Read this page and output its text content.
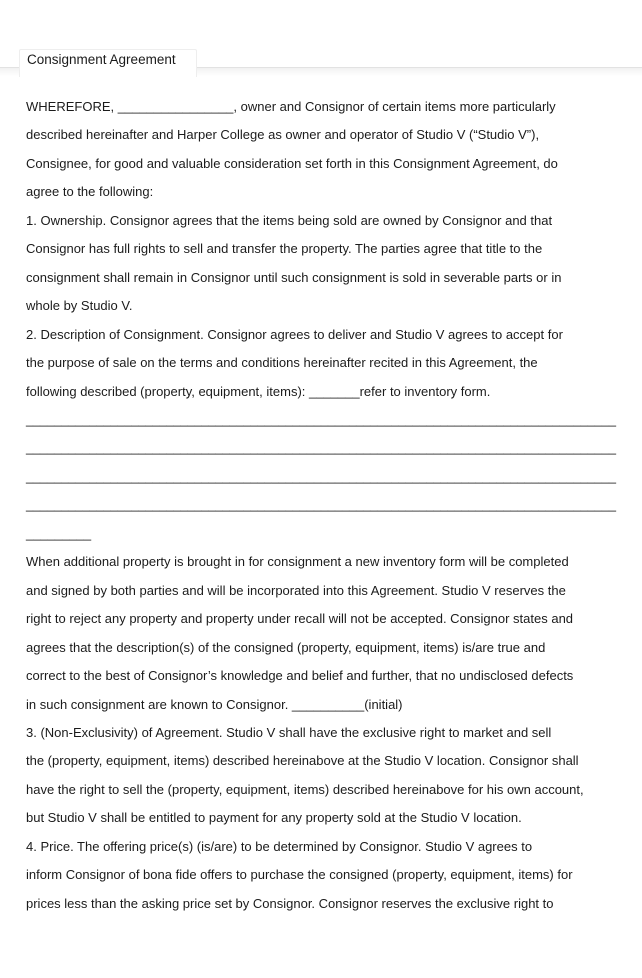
Consignment Agreement
WHEREFORE, ________________, owner and Consignor of certain items more particularly
described hereinafter and Harper College as owner and operator of Studio V (“Studio V”),
Consignee, for good and valuable consideration set forth in this Consignment Agreement, do
agree to the following:
1. Ownership. Consignor agrees that the items being sold are owned by Consignor and that
Consignor has full rights to sell and transfer the property. The parties agree that title to the
consignment shall remain in Consignor until such consignment is sold in severable parts or in
whole by Studio V.
2. Description of Consignment. Consignor agrees to deliver and Studio V agrees to accept for
the purpose of sale on the terms and conditions hereinafter recited in this Agreement, the
following described (property, equipment, items): _______refer to inventory form.
____________________________________________________________________________________
____________________________________________________________________________________
____________________________________________________________________________________
____________________________________________________________________________________
_________
When additional property is brought in for consignment a new inventory form will be completed
and signed by both parties and will be incorporated into this Agreement. Studio V reserves the
right to reject any property and property under recall will not be accepted. Consignor states and
agrees that the description(s) of the consigned (property, equipment, items) is/are true and
correct to the best of Consignor’s knowledge and belief and further, that no undisclosed defects
in such consignment are known to Consignor. __________(initial)
3. (Non-Exclusivity) of Agreement. Studio V shall have the exclusive right to market and sell
the (property, equipment, items) described hereinabove at the Studio V location. Consignor shall
have the right to sell the (property, equipment, items) described hereinabove for his own account,
but Studio V shall be entitled to payment for any property sold at the Studio V location.
4. Price. The offering price(s) (is/are) to be determined by Consignor. Studio V agrees to
inform Consignor of bona fide offers to purchase the consigned (property, equipment, items) for
prices less than the asking price set by Consignor. Consignor reserves the exclusive right to
